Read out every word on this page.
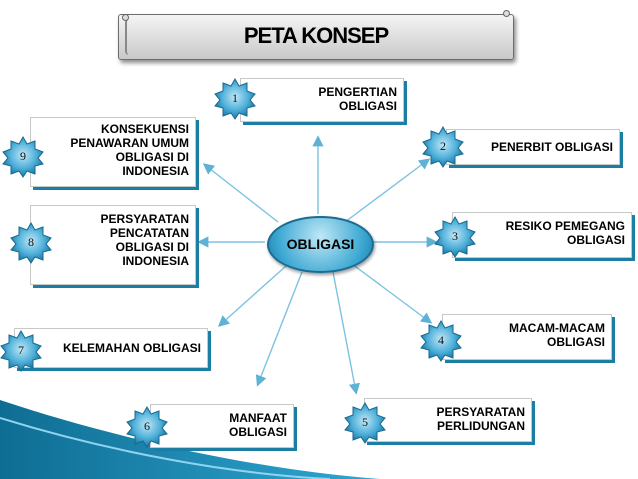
PETA KONSEP
OBLIGASI
PENGERTIAN
OBLIGASI
PENERBIT OBLIGASI
RESIKO PEMEGANG
OBLIGASI
MACAM-MACAM
OBLIGASI
PERSYARATAN
PERLIDUNGAN
MANFAAT
OBLIGASI
KELEMAHAN OBLIGASI
PERSYARATAN
PENCATATAN
OBLIGASI DI
INDONESIA
KONSEKUENSI
PENAWARAN UMUM
OBLIGASI DI
INDONESIA
1
2
3
4
5
6
7
8
9
